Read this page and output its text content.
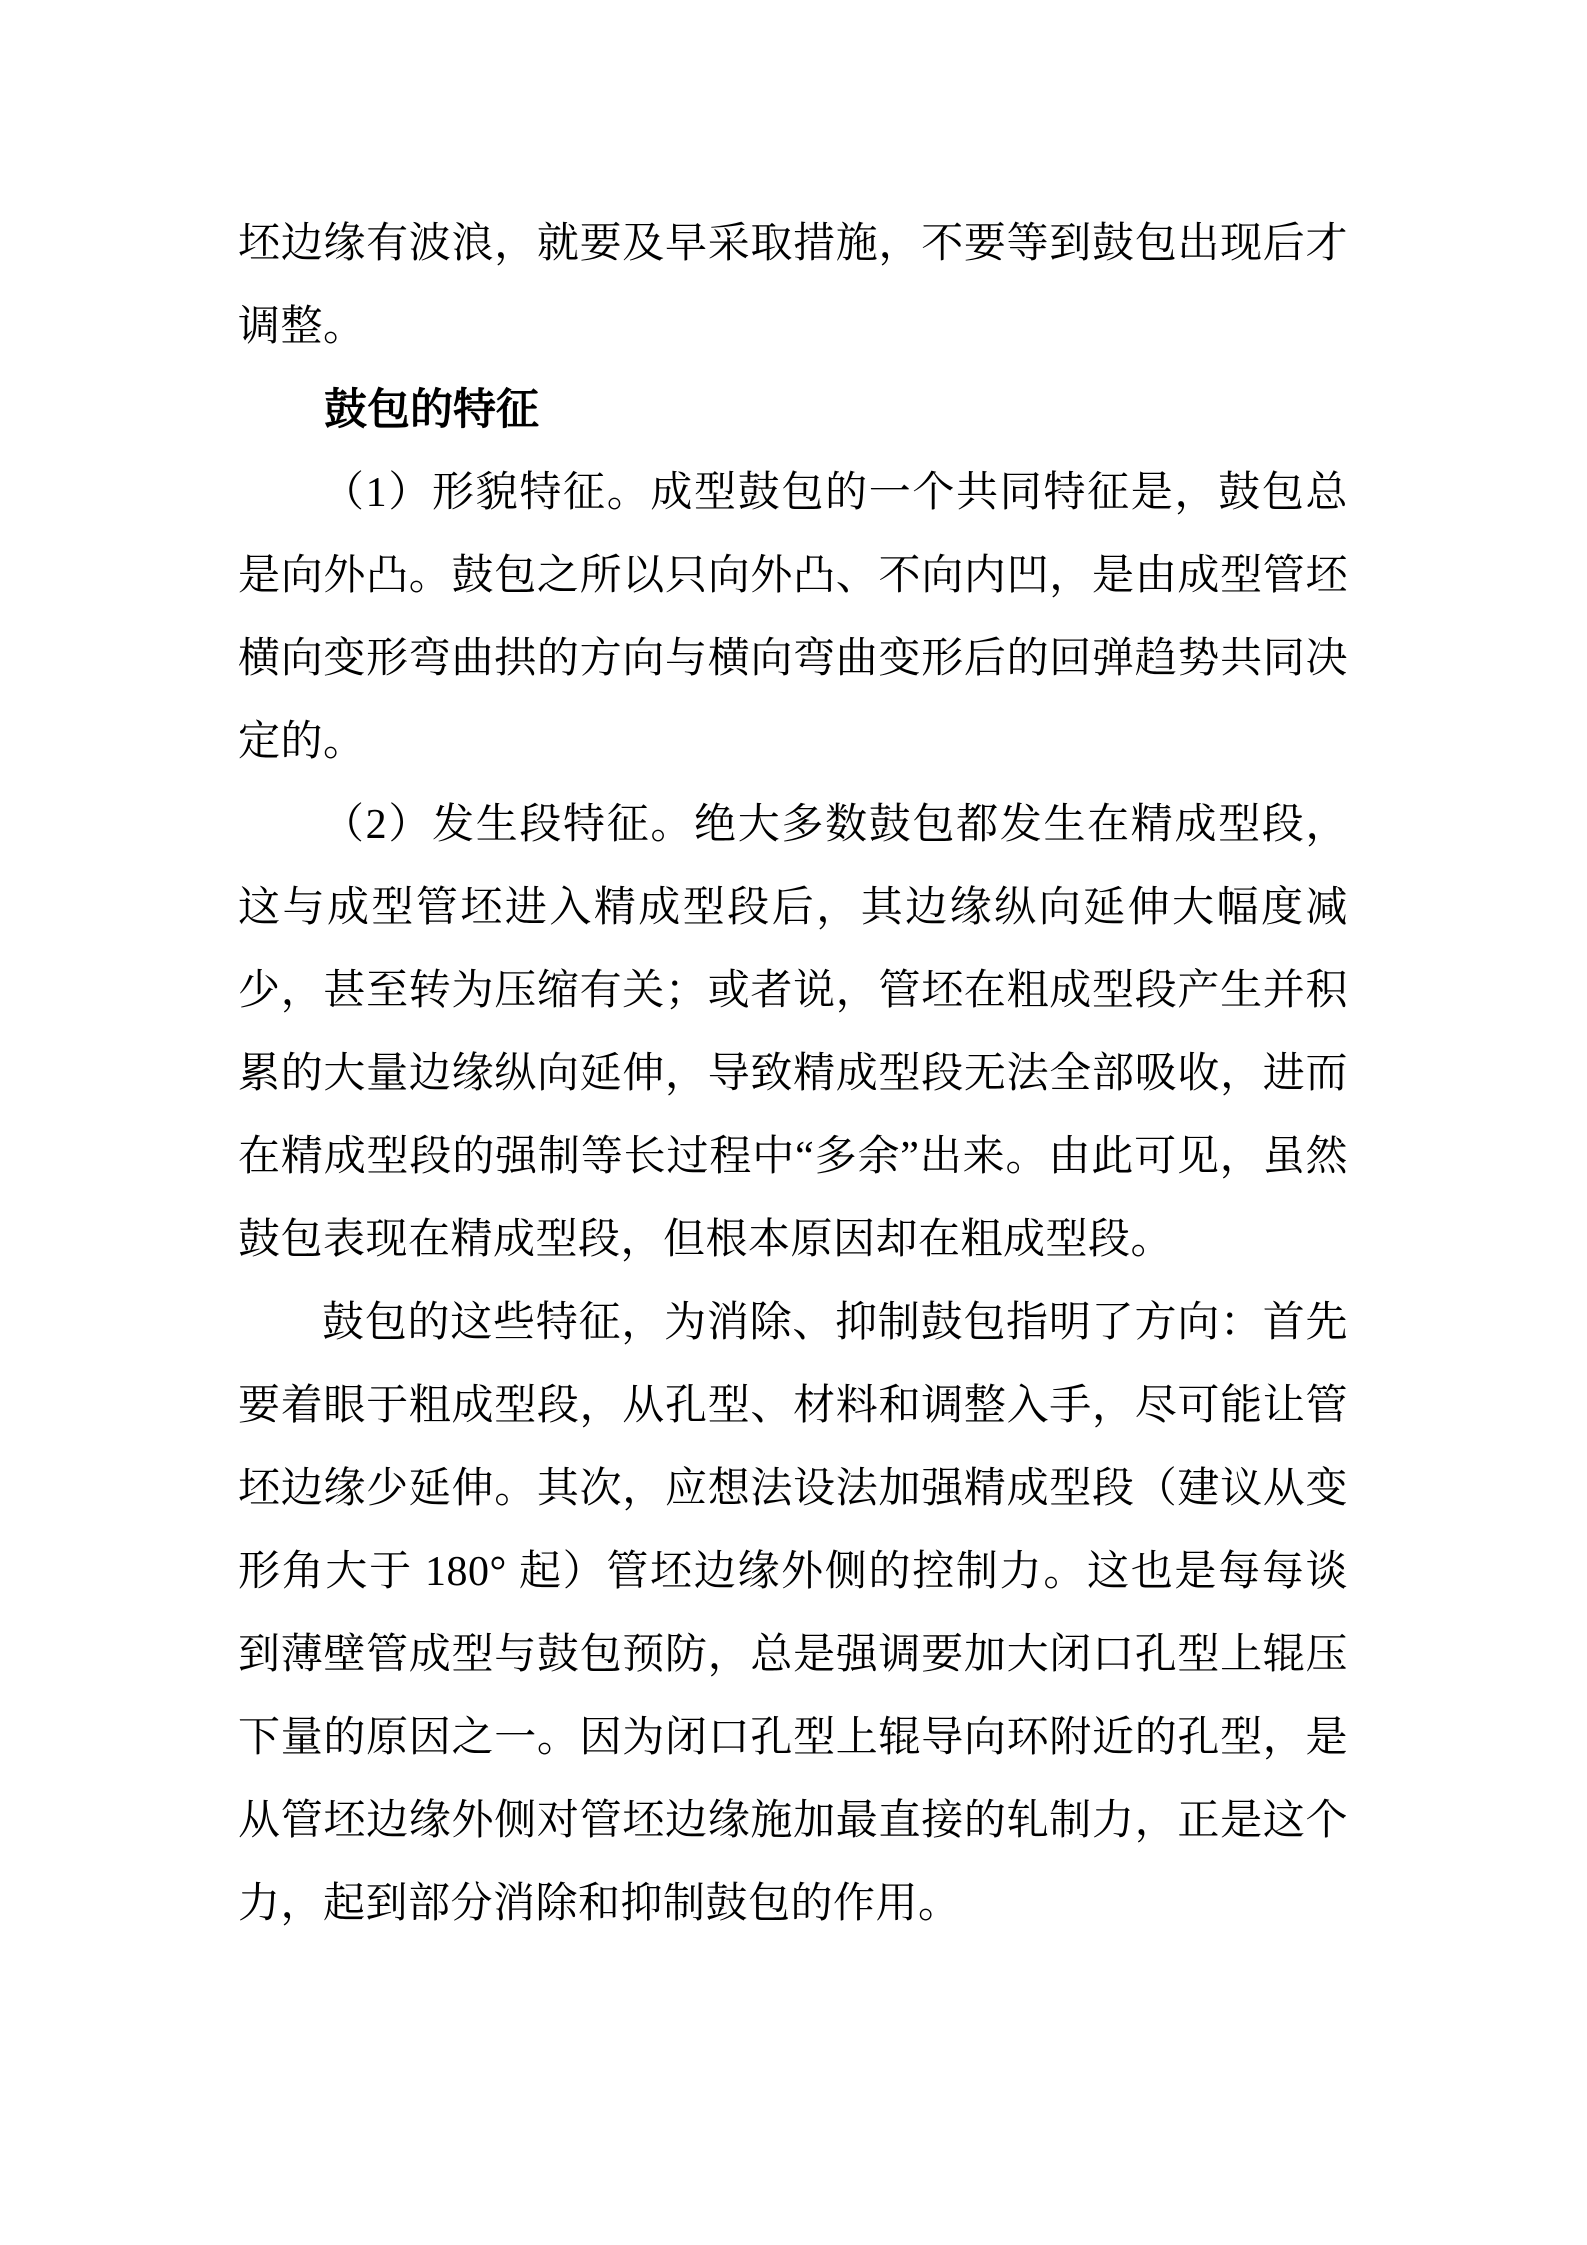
坯边缘有波浪，就要及早采取措施，不要等到鼓包出现后才调整。

鼓包的特征

（1）形貌特征。成型鼓包的一个共同特征是，鼓包总是向外凸。鼓包之所以只向外凸、不向内凹，是由成型管坯横向变形弯曲拱的方向与横向弯曲变形后的回弹趋势共同决定的。

（2）发生段特征。绝大多数鼓包都发生在精成型段，这与成型管坯进入精成型段后，其边缘纵向延伸大幅度减少，甚至转为压缩有关；或者说，管坯在粗成型段产生并积累的大量边缘纵向延伸，导致精成型段无法全部吸收，进而在精成型段的强制等长过程中“多余”出来。由此可见，虽然鼓包表现在精成型段，但根本原因却在粗成型段。

鼓包的这些特征，为消除、抑制鼓包指明了方向：首先要着眼于粗成型段，从孔型、材料和调整入手，尽可能让管坯边缘少延伸。其次，应想法设法加强精成型段（建议从变形角大于 180° 起）管坯边缘外侧的控制力。这也是每每谈到薄壁管成型与鼓包预防，总是强调要加大闭口孔型上辊压下量的原因之一。因为闭口孔型上辊导向环附近的孔型，是从管坯边缘外侧对管坯边缘施加最直接的轧制力，正是这个力，起到部分消除和抑制鼓包的作用。
